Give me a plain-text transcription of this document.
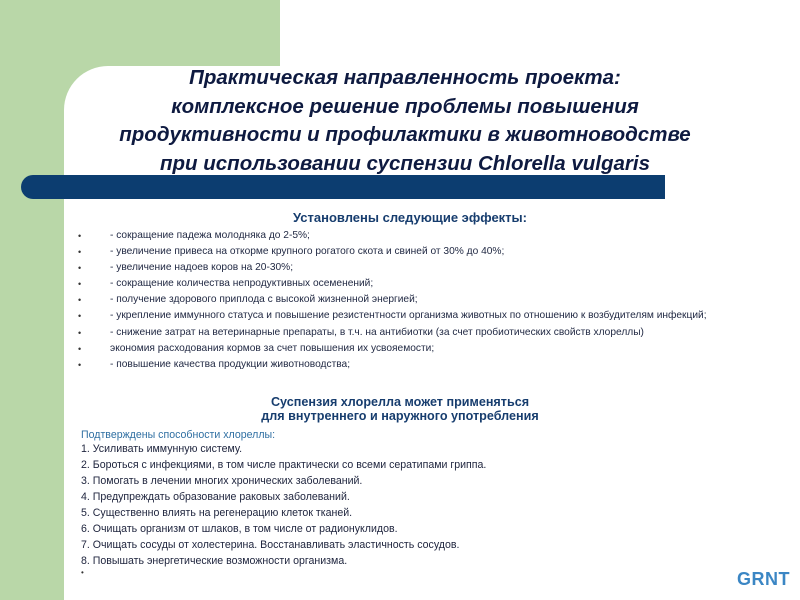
Практическая направленность проекта:
комплексное решение проблемы повышения
продуктивности и профилактики в животноводстве
при использовании суспензии Chlorella vulgaris
Установлены следующие эффекты:
•	- сокращение падежа молодняка до 2-5%;
•	- увеличение привеса на откорме крупного рогатого скота и свиней от 30% до 40%;
•	- увеличение надоев коров на 20-30%;
•	- сокращение количества непродуктивных осеменений;
•	- получение здорового приплода с высокой жизненной энергией;
•	- укрепление иммунного статуса и повышение резистентности организма животных по отношению к возбудителям инфекций;
•	- снижение затрат на ветеринарные препараты, в т.ч. на антибиотки (за счет пробиотических свойств хлореллы)
•	экономия расходования кормов за счет повышения их усвояемости;
•	- повышение качества продукции животноводства;
Суспензия хлорелла может применяться
для внутреннего и наружного употребления

Подтверждены способности хлореллы:

1. Усиливать иммунную систему.
2. Бороться с инфекциями, в том числе практически со всеми сератипами гриппа.
3. Помогать в лечении многих хронических заболеваний.
4. Предупреждать образование раковых заболеваний.
5. Существенно влиять на регенерацию клеток тканей.
6. Очищать организм от шлаков, в том числе от радионуклидов.
7. Очищать сосуды от холестерина. Восстанавливать эластичность сосудов.
8. Повышать энергетические возможности организма.
•	GRNT
